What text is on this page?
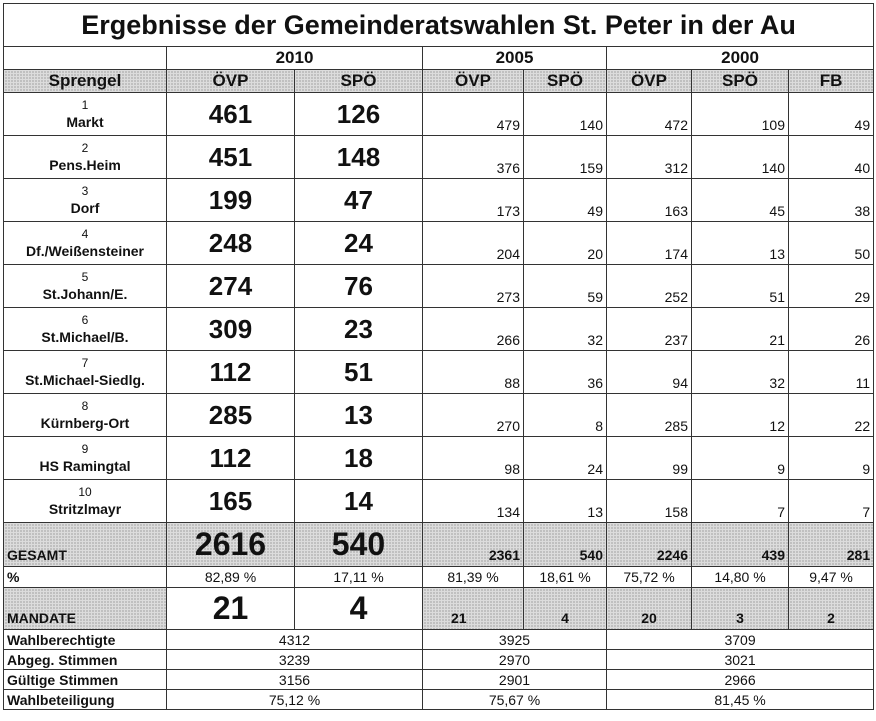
Ergebnisse der Gemeinderatswahlen St. Peter in der Au							
	2010		2005		2000		
Sprengel	ÖVP	SPÖ	ÖVP	SPÖ	ÖVP	SPÖ	FB

1
Markt	461	126	479	140	472	109	49

2
Pens.Heim	451	148	376	159	312	140	40

3
Dorf	199	47	173	49	163	45	38

4
Df./Weißensteiner	248	24	204	20	174	13	50

5
St.Johann/E.	274	76	273	59	252	51	29

6
St.Michael/B.	309	23	266	32	237	21	26

7
St.Michael-Siedlg.	112	51	88	36	94	32	11

8
Kürnberg-Ort	285	13	270	8	285	12	22

9
HS Ramingtal	112	18	98	24	99	9	9

10
Stritzlmayr	165	14	134	13	158	7	7
GESAMT	2616	540	2361	540	2246	439	281
%	82,89 %	17,11 %	81,39 %	18,61 %	75,72 %	14,80 %	9,47 %
MANDATE	21	4	21	4	20	3	2
Wahlberechtigte	4312		3925		3709		
Abgeg. Stimmen	3239		2970		3021		
Gültige Stimmen	3156		2901		2966		
Wahlbeteiligung	75,12 %		75,67 %		81,45 %		
